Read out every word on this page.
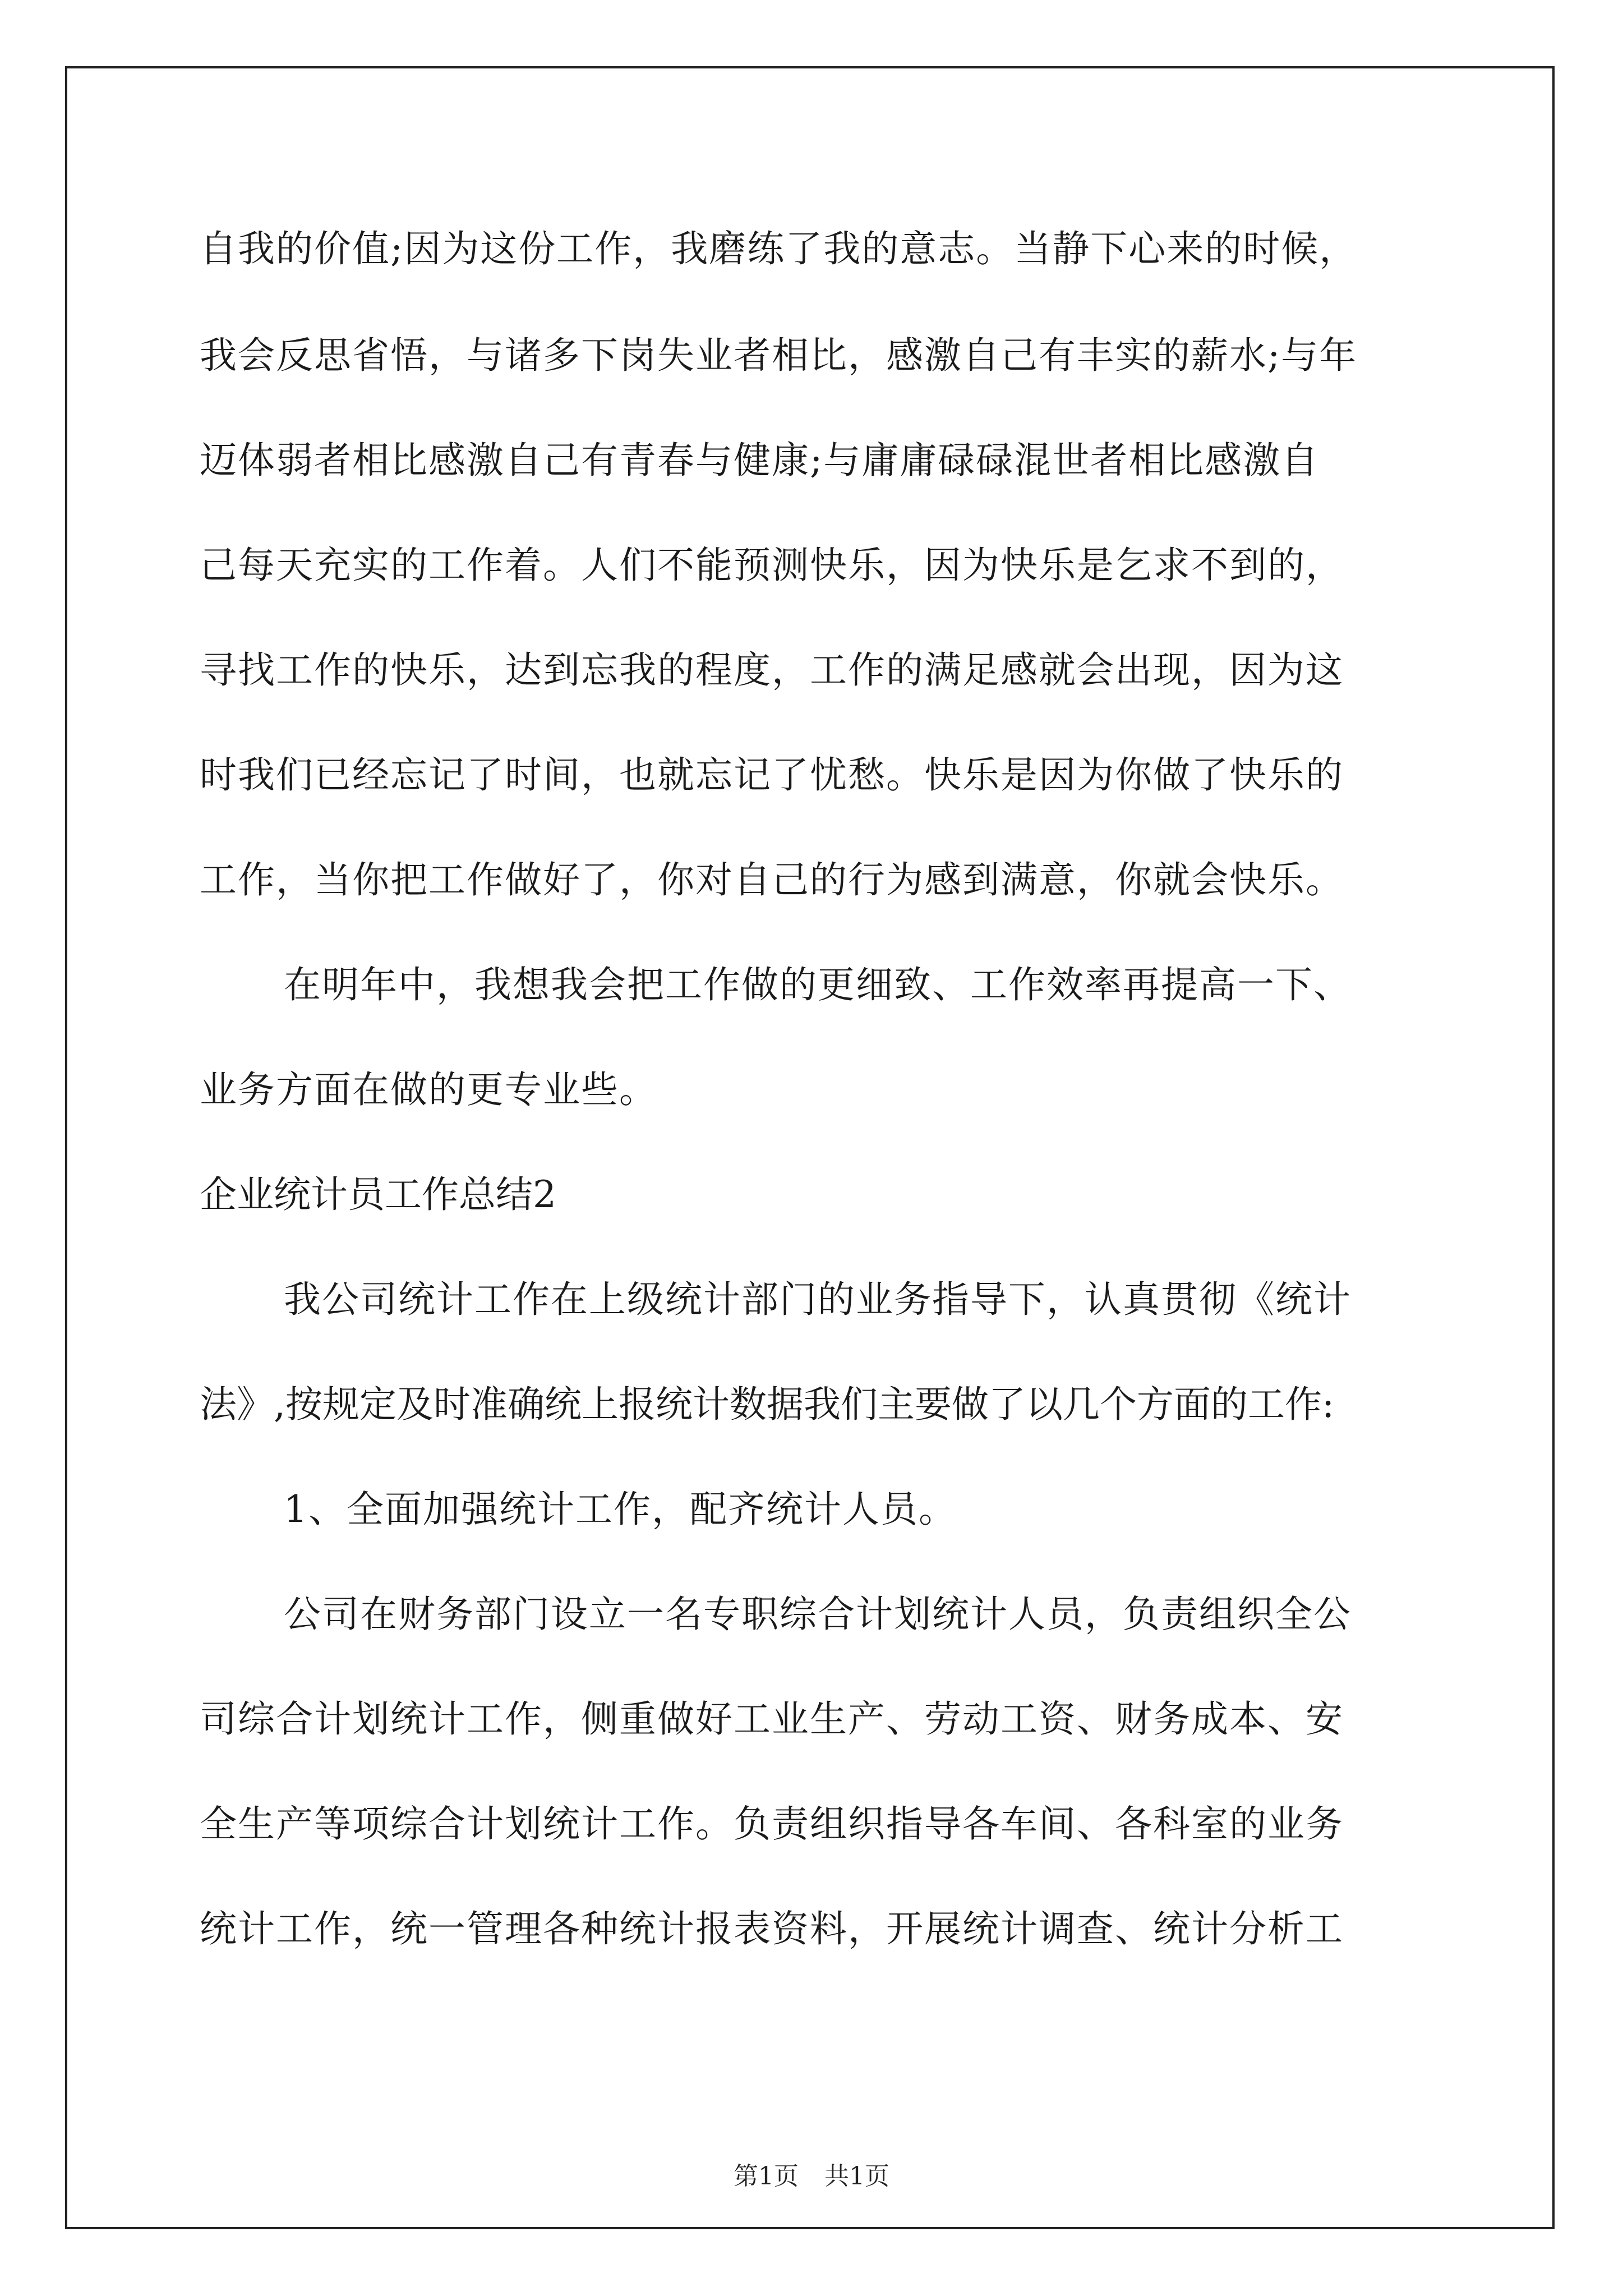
自我的价值;因为这份工作，我磨练了我的意志。当静下心来的时候，
我会反思省悟，与诸多下岗失业者相比，感激自己有丰实的薪水;与年
迈体弱者相比感激自己有青春与健康;与庸庸碌碌混世者相比感激自
己每天充实的工作着。人们不能预测快乐，因为快乐是乞求不到的，
寻找工作的快乐，达到忘我的程度，工作的满足感就会出现，因为这
时我们已经忘记了时间，也就忘记了忧愁。快乐是因为你做了快乐的
工作，当你把工作做好了，你对自己的行为感到满意，你就会快乐。
在明年中，我想我会把工作做的更细致、工作效率再提高一下、
业务方面在做的更专业些。
企业统计员工作总结2
我公司统计工作在上级统计部门的业务指导下，认真贯彻《统计
法》,按规定及时准确统上报统计数据我们主要做了以几个方面的工作:
1、全面加强统计工作，配齐统计人员。
公司在财务部门设立一名专职综合计划统计人员，负责组织全公
司综合计划统计工作，侧重做好工业生产、劳动工资、财务成本、安
全生产等项综合计划统计工作。负责组织指导各车间、各科室的业务
统计工作，统一管理各种统计报表资料，开展统计调查、统计分析工
第1页 共1页
